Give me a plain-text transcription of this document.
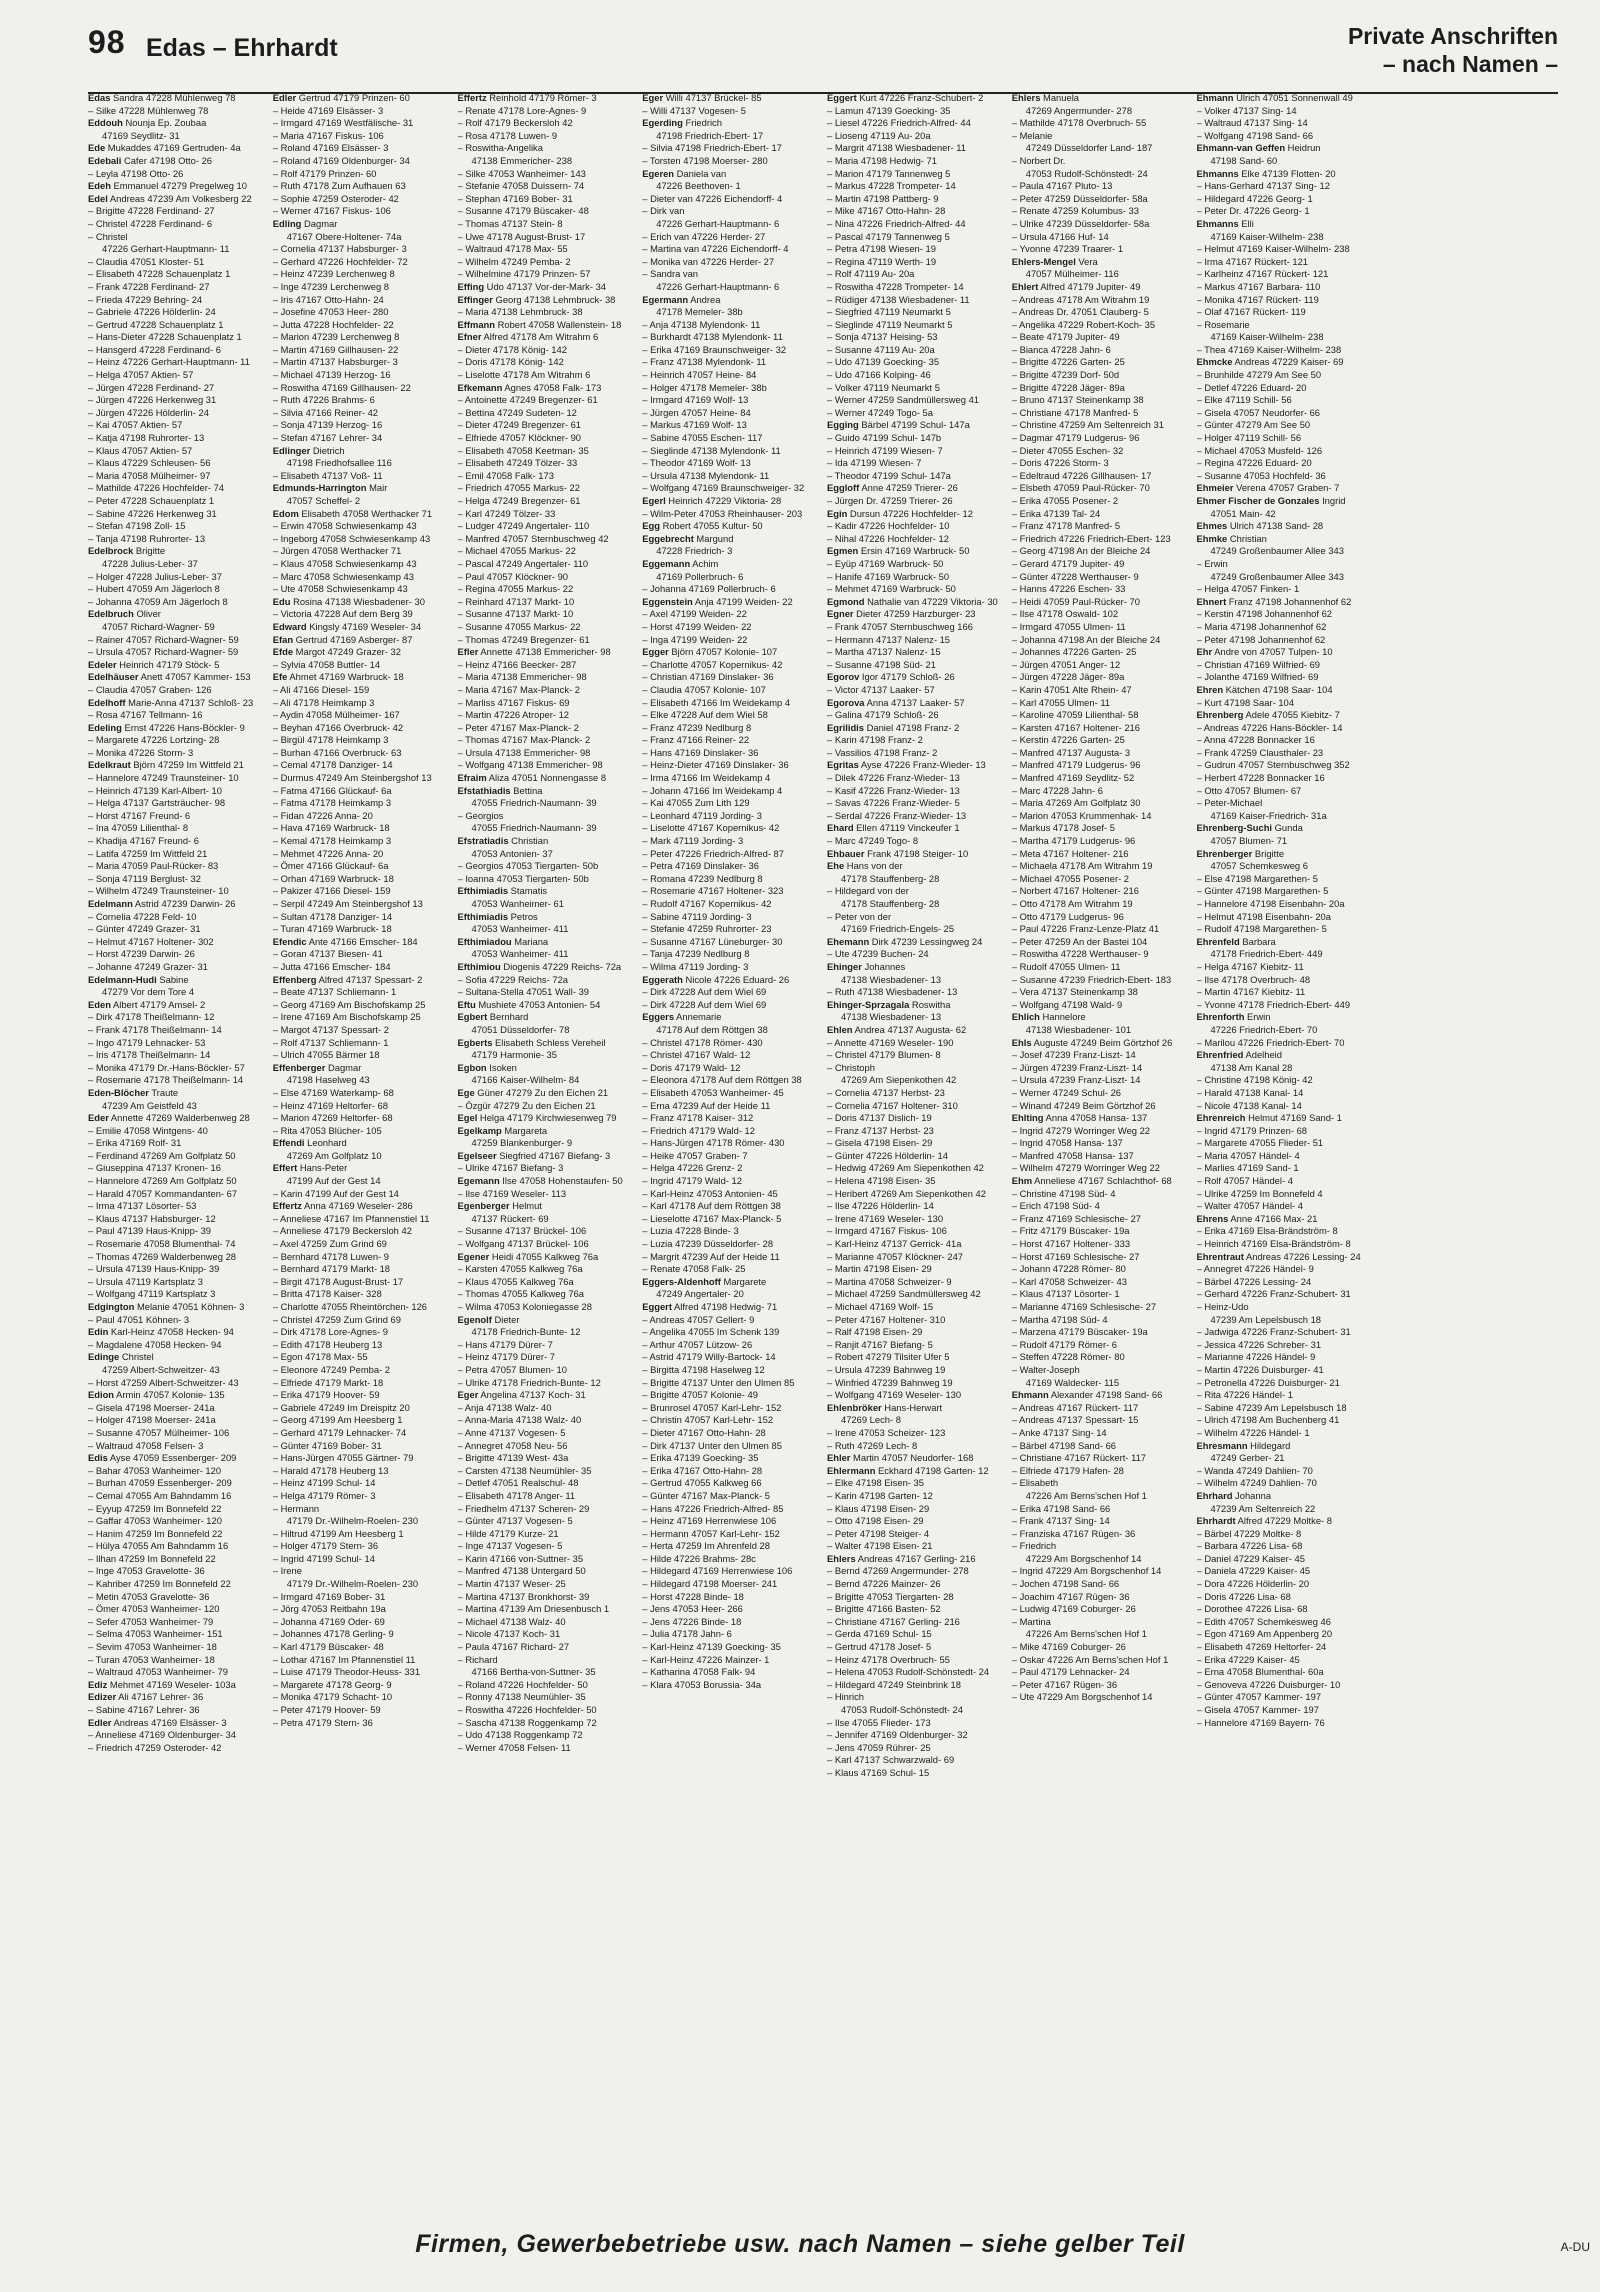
98 Edas – Ehrhardt	Private Anschriften
– nach Namen –
Edas Sandra 47228 Mühlenweg 78
– Silke 47228 Mühlenweg 78
Eddouh Nounja Ep. Zoubaa
47169 Seydlitz- 31
Ede Mukaddes 47169 Gertruden- 4a
Edebali Cafer 47198 Otto- 26
– Leyla 47198 Otto- 26
Edeh Emmanuel 47279 Pregelweg 10
Edel Andreas 47239 Am Volkesberg 22
– Brigitte 47228 Ferdinand- 27
– Christel 47228 Ferdinand- 6
– Christel
47226 Gerhart-Hauptmann- 11
– Claudia 47051 Kloster- 51
– Elisabeth 47228 Schauenplatz 1
– Frank 47228 Ferdinand- 27
– Frieda 47229 Behring- 24
– Gabriele 47226 Hölderlin- 24
– Gertrud 47228 Schauenplatz 1
– Hans-Dieter 47228 Schauenplatz 1
– Hansgerd 47228 Ferdinand- 6
– Heinz 47226 Gerhart-Hauptmann- 11
– Helga 47057 Aktien- 57
– Jürgen 47228 Ferdinand- 27
– Jürgen 47226 Herkenweg 31
– Jürgen 47226 Hölderlin- 24
– Kai 47057 Aktien- 57
– Katja 47198 Ruhrorter- 13
– Klaus 47057 Aktien- 57
– Klaus 47229 Schleusen- 56
– Maria 47058 Mülheimer- 97
– Mathilde 47226 Hochfelder- 74
– Peter 47228 Schauenplatz 1
– Sabine 47226 Herkenweg 31
– Stefan 47198 Zoll- 15
– Tanja 47198 Ruhrorter- 13
Edelbrock Brigitte
47228 Julius-Leber- 37
– Holger 47228 Julius-Leber- 37
– Hubert 47059 Am Jägerloch 8
– Johanna 47059 Am Jägerloch 8
Edelbruch Oliver
47057 Richard-Wagner- 59
– Rainer 47057 Richard-Wagner- 59
– Ursula 47057 Richard-Wagner- 59
Edeler Heinrich 47179 Stöck- 5
Edelhäuser Anett 47057 Kammer- 153
– Claudia 47057 Graben- 126
Edelhoff Marie-Anna 47137 Schloß- 23
– Rosa 47167 Tellmann- 16
Edeling Ernst 47226 Hans-Böckler- 9
– Margarete 47226 Lortzing- 28
– Monika 47226 Storm- 3
Edelkraut Björn 47259 Im Wittfeld 21
– Hannelore 47249 Traunsteiner- 10
– Heinrich 47139 Karl-Albert- 10
– Helga 47137 Gartsträucher- 98
– Horst 47167 Freund- 6
– Ina 47059 Lilienthal- 8
– Khadija 47167 Freund- 6
– Latifa 47259 Im Wittfeld 21
– Maria 47059 Paul-Rücker- 83
– Sonja 47119 Berglust- 32
– Wilhelm 47249 Traunsteiner- 10
Edelmann Astrid 47239 Darwin- 26
– Cornelia 47228 Feld- 10
– Günter 47249 Grazer- 31
– Helmut 47167 Holtener- 302
– Horst 47239 Darwin- 26
– Johanne 47249 Grazer- 31
Edelmann-Hudi Sabine
47279 Vor dem Tore 4
Eden Albert 47179 Amsel- 2
– Dirk 47178 Theißelmann- 12
– Frank 47178 Theißelmann- 14
– Ingo 47179 Lehnacker- 53
– Iris 47178 Theißelmann- 14
– Monika 47179 Dr.-Hans-Böckler- 57
– Rosemarie 47178 Theißelmann- 14
Eden-Blöcher Traute
47239 Am Geistfeld 43
Eder Annette 47269 Walderbenweg 28
– Emilie 47058 Wintgens- 40
– Erika 47169 Rolf- 31
– Ferdinand 47269 Am Golfplatz 50
– Giuseppina 47137 Kronen- 16
– Hannelore 47269 Am Golfplatz 50
– Harald 47057 Kommandanten- 67
– Irma 47137 Lösorter- 53
– Klaus 47137 Habsburger- 12
– Paul 47139 Haus-Knipp- 39
– Rosemarie 47058 Blumenthal- 74
– Thomas 47269 Walderbenweg 28
– Ursula 47139 Haus-Knipp- 39
– Ursula 47119 Kartsplatz 3
– Wolfgang 47119 Kartsplatz 3
Edgington Melanie 47051 Köhnen- 3
– Paul 47051 Köhnen- 3
Edin Karl-Heinz 47058 Hecken- 94
– Magdalene 47058 Hecken- 94
Edinge Christel
47259 Albert-Schweitzer- 43
– Horst 47259 Albert-Schweitzer- 43
Edion Armin 47057 Kolonie- 135
– Gisela 47198 Moerser- 241a
– Holger 47198 Moerser- 241a
– Susanne 47057 Mülheimer- 106
– Waltraud 47058 Felsen- 3
Edis Ayse 47059 Essenberger- 209
– Bahar 47053 Wanheimer- 120
– Burhan 47059 Essenberger- 209
– Cemal 47055 Am Bahndamm 16
– Eyyup 47259 Im Bonnefeld 22
– Gaffar 47053 Wanheimer- 120
– Hanim 47259 Im Bonnefeld 22
– Hülya 47055 Am Bahndamm 16
– Ilhan 47259 Im Bonnefeld 22
– Inge 47053 Gravelotte- 36
– Kahriber 47259 Im Bonnefeld 22
– Metin 47053 Gravelotte- 36
– Ömer 47053 Wanheimer- 120
– Sefer 47053 Wanheimer- 79
– Selma 47053 Wanheimer- 151
– Sevim 47053 Wanheimer- 18
– Turan 47053 Wanheimer- 18
– Waltraud 47053 Wanheimer- 79
Ediz Mehmet 47169 Weseler- 103a
Edizer Ali 47167 Lehrer- 36
– Sabine 47167 Lehrer- 36
Edler Andreas 47169 Elsässer- 3
– Anneliese 47169 Oldenburger- 34
– Friedrich 47259 Osteroder- 42
Edler Gertrud 47179 Prinzen- 60
– Heide 47169 Elsässer- 3
– Irmgard 47169 Westfälische- 31
– Maria 47167 Fiskus- 106
– Roland 47169 Elsässer- 3
– Roland 47169 Oldenburger- 34
– Rolf 47179 Prinzen- 60
– Ruth 47178 Zum Aufhauen 63
– Sophie 47259 Osteroder- 42
– Werner 47167 Fiskus- 106
Edling Dagmar
47167 Obere-Holtener- 74a
– Cornelia 47137 Habsburger- 3
– Gerhard 47226 Hochfelder- 72
– Heinz 47239 Lerchenweg 8
– Inge 47239 Lerchenweg 8
– Iris 47167 Otto-Hahn- 24
– Josefine 47053 Heer- 280
– Jutta 47228 Hochfelder- 22
– Marion 47239 Lerchenweg 8
– Martin 47169 Gillhausen- 22
– Martin 47137 Habsburger- 3
– Michael 47139 Herzog- 16
– Roswitha 47169 Gillhausen- 22
– Ruth 47226 Brahms- 6
– Silvia 47166 Reiner- 42
– Sonja 47139 Herzog- 16
– Stefan 47167 Lehrer- 34
Edlinger Dietrich
47198 Friedhofsallee 116
– Elisabeth 47137 Voß- 11
Edmunds-Harrington Mair
47057 Scheffel- 2
Edom Elisabeth 47058 Werthacker 71
– Erwin 47058 Schwiesenkamp 43
– Ingeborg 47058 Schwiesenkamp 43
– Jürgen 47058 Werthacker 71
– Klaus 47058 Schwiesenkamp 43
– Marc 47058 Schwiesenkamp 43
– Ute 47058 Schwiesenkamp 43
Edu Rosina 47138 Wiesbadener- 30
– Victoria 47228 Auf dem Berg 39
Edward Kingsly 47169 Weseler- 34
Efan Gertrud 47169 Asberger- 87
Efde Margot 47249 Grazer- 32
– Sylvia 47058 Buttler- 14
Efe Ahmet 47169 Warbruck- 18
– Ali 47166 Diesel- 159
– Ali 47178 Heimkamp 3
– Aydin 47058 Mülheimer- 167
– Beyhan 47166 Overbruck- 42
– Birgül 47178 Heimkamp 3
– Burhan 47166 Overbruck- 63
– Cemal 47178 Danziger- 14
– Durmus 47249 Am Steinbergshof 13
– Fatma 47166 Glückauf- 6a
– Fatma 47178 Heimkamp 3
– Fidan 47226 Anna- 20
– Hava 47169 Warbruck- 18
– Kemal 47178 Heimkamp 3
– Mehmet 47226 Anna- 20
– Ömer 47166 Glückauf- 6a
– Orhan 47169 Warbruck- 18
– Pakizer 47166 Diesel- 159
– Serpil 47249 Am Steinbergshof 13
– Sultan 47178 Danziger- 14
– Turan 47169 Warbruck- 18
Efendic Ante 47166 Emscher- 184
– Goran 47137 Biesen- 41
– Jutta 47166 Emscher- 184
Effenberg Alfred 47137 Spessart- 2
– Beate 47137 Schliemann- 1
– Georg 47169 Am Bischofskamp 25
– Irene 47169 Am Bischofskamp 25
– Margot 47137 Spessart- 2
– Rolf 47137 Schliemann- 1
– Ulrich 47055 Bärmer 18
Effenberger Dagmar
47198 Haselweg 43
– Else 47169 Waterkamp- 68
– Heinz 47169 Heltorfer- 68
– Marion 47269 Heltorfer- 68
– Rita 47053 Blücher- 105
Effendi Leonhard
47269 Am Golfplatz 10
Effert Hans-Peter
47199 Auf der Gest 14
– Karin 47199 Auf der Gest 14
Effertz Anna 47169 Weseler- 286
– Anneliese 47167 Im Pfannenstiel 11
– Anneliese 47179 Beckersloh 42
– Axel 47259 Zum Grind 69
– Bernhard 47178 Luwen- 9
– Bernhard 47179 Markt- 18
– Birgit 47178 August-Brust- 17
– Britta 47178 Kaiser- 328
– Charlotte 47055 Rheintörchen- 126
– Christel 47259 Zum Grind 69
– Dirk 47178 Lore-Agnes- 9
– Edith 47178 Heuberg 13
– Egon 47178 Max- 55
– Eleonore 47249 Pemba- 2
– Elfriede 47179 Markt- 18
– Erika 47179 Hoover- 59
– Gabriele 47249 Im Dreispitz 20
– Georg 47199 Am Heesberg 1
– Gerhard 47179 Lehnacker- 74
– Günter 47169 Bober- 31
– Hans-Jürgen 47055 Gärtner- 79
– Harald 47178 Heuberg 13
– Heinz 47199 Schul- 14
– Helga 47179 Römer- 3
– Hermann
47179 Dr.-Wilhelm-Roelen- 230
– Hiltrud 47199 Am Heesberg 1
– Holger 47179 Stern- 36
– Ingrid 47199 Schul- 14
– Irene
47179 Dr.-Wilhelm-Roelen- 230
– Irmgard 47169 Bober- 31
– Jörg 47053 Reitbahn 19a
– Johanna 47169 Oder- 69
– Johannes 47178 Gerling- 9
– Karl 47179 Büscaker- 48
– Lothar 47167 Im Pfannenstiel 11
– Luise 47179 Theodor-Heuss- 331
– Margarete 47178 Georg- 9
– Monika 47179 Schacht- 10
– Peter 47179 Hoover- 59
– Petra 47179 Stern- 36
Effertz Reinhold 47179 Römer- 3
– Renate 47178 Lore-Agnes- 9
– Rolf 47179 Beckersloh 42
– Rosa 47178 Luwen- 9
– Roswitha-Angelika
47138 Emmericher- 238
– Silke 47053 Wanheimer- 143
– Stefanie 47058 Duissern- 74
– Stephan 47169 Bober- 31
– Susanne 47179 Büscaker- 48
– Thomas 47137 Stein- 8
– Uwe 47178 August-Brust- 17
– Waltraud 47178 Max- 55
– Wilhelm 47249 Pemba- 2
– Wilhelmine 47179 Prinzen- 57
Effing Udo 47137 Vor-der-Mark- 34
Effinger Georg 47138 Lehmbruck- 38
– Maria 47138 Lehmbruck- 38
Effmann Robert 47058 Wallenstein- 18
Efner Alfred 47178 Am Witrahm 6
– Dieter 47178 König- 142
– Doris 47178 König- 142
– Liselotte 47178 Am Witrahm 6
Efkemann Agnes 47058 Falk- 173
– Antoinette 47249 Bregenzer- 61
– Bettina 47249 Sudeten- 12
– Dieter 47249 Bregenzer- 61
– Elfriede 47057 Klöckner- 90
– Elisabeth 47058 Keetman- 35
– Elisabeth 47249 Tölzer- 33
– Emil 47058 Falk- 173
– Friedrich 47055 Markus- 22
– Helga 47249 Bregenzer- 61
– Karl 47249 Tölzer- 33
– Ludger 47249 Angertaler- 110
– Manfred 47057 Sternbuschweg 42
– Michael 47055 Markus- 22
– Pascal 47249 Angertaler- 110
– Paul 47057 Klöckner- 90
– Regina 47055 Markus- 22
– Reinhard 47137 Markt- 10
– Susanne 47137 Markt- 10
– Susanne 47055 Markus- 22
– Thomas 47249 Bregenzer- 61
Efler Annette 47138 Emmericher- 98
– Heinz 47166 Beecker- 287
– Maria 47138 Emmericher- 98
– Maria 47167 Max-Planck- 2
– Marliss 47167 Fiskus- 69
– Martin 47226 Atroper- 12
– Peter 47167 Max-Planck- 2
– Thomas 47167 Max-Planck- 2
– Ursula 47138 Emmericher- 98
– Wolfgang 47138 Emmericher- 98
Efraim Aliza 47051 Nonnengasse 8
Efstathiadis Bettina
47055 Friedrich-Naumann- 39
– Georgios
47055 Friedrich-Naumann- 39
Efstratiadis Christian
47053 Antonien- 37
– Georgios 47053 Tiergarten- 50b
– Ioanna 47053 Tiergarten- 50b
Efthimiadis Stamatis
47053 Wanheimer- 61
Efthimiadis Petros
47053 Wanheimer- 411
Efthimiadou Mariana
47053 Wanheimer- 411
Efthimiou Diogenis 47229 Reichs- 72a
– Sofia 47229 Reichs- 72a
– Sultana-Stella 47051 Wall- 39
Eftu Mushiete 47053 Antonien- 54
Egbert Bernhard
47051 Düsseldorfer- 78
Egberts Elisabeth Schless Vereheil
47179 Harmonie- 35
Egbon Isoken
47166 Kaiser-Wilhelm- 84
Ege Güner 47279 Zu den Eichen 21
– Özgür 47279 Zu den Eichen 21
Egel Helga 47179 Kirchwiesenweg 79
Egelkamp Margareta
47259 Blankenburger- 9
Egelseer Siegfried 47167 Biefang- 3
– Ulrike 47167 Biefang- 3
Egemann Ilse 47058 Hohenstaufen- 50
– Ilse 47169 Weseler- 113
Egenberger Helmut
47137 Rückert- 69
– Susanne 47137 Brückel- 106
– Wolfgang 47137 Brückel- 106
Egener Heidi 47055 Kalkweg 76a
– Karsten 47055 Kalkweg 76a
– Klaus 47055 Kalkweg 76a
– Thomas 47055 Kalkweg 76a
– Wilma 47053 Koloniegasse 28
Egenolf Dieter
47178 Friedrich-Bunte- 12
– Hans 47179 Dürer- 7
– Heinz 47179 Dürer- 7
– Petra 47057 Blumen- 10
– Ulrike 47178 Friedrich-Bunte- 12
Eger Angelina 47137 Koch- 31
– Anja 47138 Walz- 40
– Anna-Maria 47138 Walz- 40
– Anne 47137 Vogesen- 5
– Annegret 47058 Neu- 56
– Brigitte 47139 West- 43a
– Carsten 47138 Neumühler- 35
– Detlef 47051 Realschul- 48
– Elisabeth 47178 Anger- 11
– Friedhelm 47137 Scheren- 29
– Günter 47137 Vogesen- 5
– Hilde 47179 Kurze- 21
– Inge 47137 Vogesen- 5
– Karin 47166 von-Suttner- 35
– Manfred 47138 Untergard 50
– Martin 47137 Weser- 25
– Martina 47137 Bronkhorst- 39
– Martina 47139 Am Driesenbusch 1
– Michael 47138 Walz- 40
– Nicole 47137 Koch- 31
– Paula 47167 Richard- 27
– Richard
47166 Bertha-von-Suttner- 35
– Roland 47226 Hochfelder- 50
– Ronny 47138 Neumühler- 35
– Roswitha 47226 Hochfelder- 50
– Sascha 47138 Roggenkamp 72
– Udo 47138 Roggenkamp 72
– Werner 47058 Felsen- 11
Eger Willi 47137 Brückel- 85
– Willi 47137 Vogesen- 5
Egerding Friedrich
47198 Friedrich-Ebert- 17
– Silvia 47198 Friedrich-Ebert- 17
– Torsten 47198 Moerser- 280
Egeren Daniela van
47226 Beethoven- 1
– Dieter van 47226 Eichendorff- 4
– Dirk van
47226 Gerhart-Hauptmann- 6
– Erich van 47226 Herder- 27
– Martina van 47226 Eichendorff- 4
– Monika van 47226 Herder- 27
– Sandra van
47226 Gerhart-Hauptmann- 6
Egermann Andrea
47178 Memeler- 38b
– Anja 47138 Mylendonk- 11
– Burkhardt 47138 Mylendonk- 11
– Erika 47169 Braunschweiger- 32
– Franz 47138 Mylendonk- 11
– Heinrich 47057 Heine- 84
– Holger 47178 Memeler- 38b
– Irmgard 47169 Wolf- 13
– Jürgen 47057 Heine- 84
– Markus 47169 Wolf- 13
– Sabine 47055 Eschen- 117
– Sieglinde 47138 Mylendonk- 11
– Theodor 47169 Wolf- 13
– Ursula 47138 Mylendonk- 11
– Wolfgang 47169 Braunschweiger- 32
Egerl Heinrich 47229 Viktoria- 28
– Wilm-Peter 47053 Rheinhauser- 203
Egg Robert 47055 Kultur- 50
Eggebrecht Margund
47228 Friedrich- 3
Eggemann Achim
47169 Pollerbruch- 6
– Johanna 47169 Pollerbruch- 6
Eggenstein Anja 47199 Weiden- 22
– Axel 47199 Weiden- 22
– Horst 47199 Weiden- 22
– Inga 47199 Weiden- 22
Egger Björn 47057 Kolonie- 107
– Charlotte 47057 Kopernikus- 42
– Christian 47169 Dinslaker- 36
– Claudia 47057 Kolonie- 107
– Elisabeth 47166 Im Weidekamp 4
– Elke 47228 Auf dem Wiel 58
– Franz 47239 Nedlburg 8
– Franz 47166 Reiner- 22
– Hans 47169 Dinslaker- 36
– Heinz-Dieter 47169 Dinslaker- 36
– Irma 47166 Im Weidekamp 4
– Johann 47166 Im Weidekamp 4
– Kai 47055 Zum Lith 129
– Leonhard 47119 Jording- 3
– Liselotte 47167 Kopernikus- 42
– Mark 47119 Jording- 3
– Peter 47226 Friedrich-Alfred- 87
– Petra 47169 Dinslaker- 36
– Romana 47239 Nedlburg 8
– Rosemarie 47167 Holtener- 323
– Rudolf 47167 Kopernikus- 42
– Sabine 47119 Jording- 3
– Stefanie 47259 Ruhrorter- 23
– Susanne 47167 Lüneburger- 30
– Tanja 47239 Nedlburg 8
– Wilma 47119 Jording- 3
Eggerath Nicole 47226 Eduard- 26
– Dirk 47228 Auf dem Wiel 69
– Dirk 47228 Auf dem Wiel 69
Eggers Annemarie
47178 Auf dem Röttgen 38
– Christel 47178 Römer- 430
– Christel 47167 Wald- 12
– Doris 47179 Wald- 12
– Eleonora 47178 Auf dem Röttgen 38
– Elisabeth 47053 Wanheimer- 45
– Erna 47239 Auf der Heide 11
– Franz 47178 Kaiser- 312
– Friedrich 47179 Wald- 12
– Hans-Jürgen 47178 Römer- 430
– Heike 47057 Graben- 7
– Helga 47226 Grenz- 2
– Ingrid 47179 Wald- 12
– Karl-Heinz 47053 Antonien- 45
– Karl 47178 Auf dem Röttgen 38
– Lieselotte 47167 Max-Planck- 5
– Luzia 47228 Binde- 3
– Luzia 47239 Düsseldorfer- 28
– Margrit 47239 Auf der Heide 11
– Renate 47058 Falk- 25
Eggers-Aldenhoff Margarete
47249 Angertaler- 20
Eggert Alfred 47198 Hedwig- 71
– Andreas 47057 Gellert- 9
– Angelika 47055 Im Schenk 139
– Arthur 47057 Lützow- 26
– Astrid 47179 Willy-Bartock- 14
– Birgitta 47198 Haselweg 12
– Brigitte 47137 Unter den Ulmen 85
– Brigitte 47057 Kolonie- 49
– Brunrosel 47057 Karl-Lehr- 152
– Christin 47057 Karl-Lehr- 152
– Dieter 47167 Otto-Hahn- 28
– Dirk 47137 Unter den Ulmen 85
– Erika 47139 Goecking- 35
– Erika 47167 Otto-Hahn- 28
– Gertrud 47055 Kalkweg 66
– Günter 47167 Max-Planck- 5
– Hans 47226 Friedrich-Alfred- 85
– Heinz 47169 Herrenwiese 106
– Hermann 47057 Karl-Lehr- 152
– Herta 47259 Im Ahrenfeld 28
– Hilde 47226 Brahms- 28c
– Hildegard 47169 Herrenwiese 106
– Hildegard 47198 Moerser- 241
– Horst 47228 Binde- 18
– Jens 47053 Heer- 266
– Jens 47226 Binde- 18
– Julia 47178 Jahn- 6
– Karl-Heinz 47139 Goecking- 35
– Karl-Heinz 47226 Mainzer- 1
– Katharina 47058 Falk- 94
– Klara 47053 Borussia- 34a
Eggert Kurt 47226 Franz-Schubert- 2
– Lamun 47139 Goecking- 35
– Liesel 47226 Friedrich-Alfred- 44
– Lioseng 47119 Au- 20a
– Margrit 47138 Wiesbadener- 11
– Maria 47198 Hedwig- 71
– Marion 47179 Tannenweg 5
– Markus 47228 Trompeter- 14
– Martin 47198 Pattberg- 9
– Mike 47167 Otto-Hahn- 28
– Nina 47226 Friedrich-Alfred- 44
– Pascal 47179 Tannenweg 5
– Petra 47198 Wiesen- 19
– Regina 47119 Werth- 19
– Rolf 47119 Au- 20a
– Roswitha 47228 Trompeter- 14
– Rüdiger 47138 Wiesbadener- 11
– Siegfried 47119 Neumarkt 5
– Sieglinde 47119 Neumarkt 5
– Sonja 47137 Heising- 53
– Susanne 47119 Au- 20a
– Udo 47139 Goecking- 35
– Udo 47166 Kolping- 46
– Volker 47119 Neumarkt 5
– Werner 47259 Sandmüllersweg 41
– Werner 47249 Togo- 5a
Egging Bärbel 47199 Schul- 147a
– Guido 47199 Schul- 147b
– Heinrich 47199 Wiesen- 7
– Ida 47199 Wiesen- 7
– Theodor 47199 Schul- 147a
Eggloff Anne 47259 Trierer- 26
– Jürgen Dr. 47259 Trierer- 26
Egin Dursun 47226 Hochfelder- 12
– Kadir 47226 Hochfelder- 10
– Nihal 47226 Hochfelder- 12
Egmen Ersin 47169 Warbruck- 50
– Eyüp 47169 Warbruck- 50
– Hanife 47169 Warbruck- 50
– Mehmet 47169 Warbruck- 50
Egmond Nathalie van 47229 Viktoria- 30
Egner Dieter 47259 Harzburger- 23
– Frank 47057 Sternbuschweg 166
– Hermann 47137 Nalenz- 15
– Martha 47137 Nalenz- 15
– Susanne 47198 Süd- 21
Egorov Igor 47179 Schloß- 26
– Victor 47137 Laaker- 57
Egorova Anna 47137 Laaker- 57
– Galina 47179 Schloß- 26
Egrilidis Daniel 47198 Franz- 2
– Karin 47198 Franz- 2
– Vassilios 47198 Franz- 2
Egritas Ayse 47226 Franz-Wieder- 13
– Dilek 47226 Franz-Wieder- 13
– Kasif 47226 Franz-Wieder- 13
– Savas 47226 Franz-Wieder- 5
– Serdal 47226 Franz-Wieder- 13
Ehard Ellen 47119 Vinckeufer 1
– Marc 47249 Togo- 8
Ehbauer Frank 47198 Steiger- 10
Ehe Hans von der
47178 Stauffenberg- 28
– Hildegard von der
47178 Stauffenberg- 28
– Peter von der
47169 Friedrich-Engels- 25
Ehemann Dirk 47239 Lessingweg 24
– Ute 47239 Buchen- 24
Ehinger Johannes
47138 Wiesbadener- 13
– Ruth 47138 Wiesbadener- 13
Ehinger-Sprzagala Roswitha
47138 Wiesbadener- 13
Ehlen Andrea 47137 Augusta- 62
– Annette 47169 Weseler- 190
– Christel 47179 Blumen- 8
– Christoph
47269 Am Siepenkothen 42
– Cornelia 47137 Herbst- 23
– Cornelia 47167 Holtener- 310
– Doris 47137 Dislich- 19
– Franz 47137 Herbst- 23
– Gisela 47198 Eisen- 29
– Günter 47226 Hölderlin- 14
– Hedwig 47269 Am Siepenkothen 42
– Helena 47198 Eisen- 35
– Heribert 47269 Am Siepenkothen 42
– Ilse 47226 Hölderlin- 14
– Irene 47169 Weseler- 130
– Irmgard 47167 Fiskus- 106
– Karl-Heinz 47137 Gerrick- 41a
– Marianne 47057 Klöckner- 247
– Martin 47198 Eisen- 29
– Martina 47058 Schweizer- 9
– Michael 47259 Sandmüllersweg 42
– Michael 47169 Wolf- 15
– Peter 47167 Holtener- 310
– Ralf 47198 Eisen- 29
– Ranjit 47167 Biefang- 5
– Robert 47279 Tilsiter Ufer 5
– Ursula 47239 Bahnweg 19
– Winfried 47239 Bahnweg 19
– Wolfgang 47169 Weseler- 130
Ehlenbröker Hans-Herwart
47269 Lech- 8
– Irene 47053 Scheizer- 123
– Ruth 47269 Lech- 8
Ehler Martin 47057 Neudorfer- 168
Ehlermann Eckhard 47198 Garten- 12
– Elke 47198 Eisen- 35
– Karin 47198 Garten- 12
– Klaus 47198 Eisen- 29
– Otto 47198 Eisen- 29
– Peter 47198 Steiger- 4
– Walter 47198 Eisen- 21
Ehlers Andreas 47167 Gerling- 216
– Bernd 47269 Angermunder- 278
– Bernd 47226 Mainzer- 26
– Brigitte 47053 Tiergarten- 28
– Brigitte 47166 Basten- 52
– Christiane 47167 Gerling- 216
– Gerda 47169 Schul- 15
– Gertrud 47178 Josef- 5
– Heinz 47178 Overbruch- 55
– Helena 47053 Rudolf-Schönstedt- 24
– Hildegard 47249 Steinbrink 18
– Hinrich
47053 Rudolf-Schönstedt- 24
– Ilse 47055 Flieder- 173
– Jennifer 47169 Oldenburger- 32
– Jens 47059 Rührer- 25
– Karl 47137 Schwarzwald- 69
– Klaus 47169 Schul- 15
Ehlers Manuela
47269 Angermunder- 278
– Mathilde 47178 Overbruch- 55
– Melanie
47249 Düsseldorfer Land- 187
– Norbert Dr.
47053 Rudolf-Schönstedt- 24
– Paula 47167 Pluto- 13
– Peter 47259 Düsseldorfer- 58a
– Renate 47259 Kolumbus- 33
– Ulrike 47239 Düsseldorfer- 58a
– Ursula 47166 Huf- 14
– Yvonne 47239 Traarer- 1
Ehlers-Mengel Vera
47057 Mülheimer- 116
Ehlert Alfred 47179 Jupiter- 49
– Andreas 47178 Am Witrahm 19
– Andreas Dr. 47051 Clauberg- 5
– Angelika 47229 Robert-Koch- 35
– Beate 47179 Jupiter- 49
– Bianca 47228 Jahn- 6
– Brigitte 47226 Garten- 25
– Brigitte 47239 Dorf- 50d
– Brigitte 47228 Jäger- 89a
– Bruno 47137 Steinenkamp 38
– Christiane 47178 Manfred- 5
– Christine 47259 Am Seltenreich 31
– Dagmar 47179 Ludgerus- 96
– Dieter 47055 Eschen- 32
– Doris 47226 Storm- 3
– Edeltraud 47226 Gillhausen- 17
– Elsbeth 47059 Paul-Rücker- 70
– Erika 47055 Posener- 2
– Erika 47139 Tal- 24
– Franz 47178 Manfred- 5
– Friedrich 47226 Friedrich-Ebert- 123
– Georg 47198 An der Bleiche 24
– Gerard 47179 Jupiter- 49
– Günter 47228 Werthauser- 9
– Hanns 47226 Eschen- 33
– Heidi 47059 Paul-Rücker- 70
– Ilse 47178 Oswald- 102
– Irmgard 47055 Ulmen- 11
– Johanna 47198 An der Bleiche 24
– Johannes 47226 Garten- 25
– Jürgen 47051 Anger- 12
– Jürgen 47228 Jäger- 89a
– Karin 47051 Alte Rhein- 47
– Karl 47055 Ulmen- 11
– Karoline 47059 Lilienthal- 58
– Karsten 47167 Holtener- 216
– Kerstin 47226 Garten- 25
– Manfred 47137 Augusta- 3
– Manfred 47179 Ludgerus- 96
– Manfred 47169 Seydlitz- 52
– Marc 47228 Jahn- 6
– Maria 47269 Am Golfplatz 30
– Marion 47053 Krummenhak- 14
– Markus 47178 Josef- 5
– Martha 47179 Ludgerus- 96
– Meta 47167 Holtener- 216
– Michaela 47178 Am Witrahm 19
– Michael 47055 Posener- 2
– Norbert 47167 Holtener- 216
– Otto 47178 Am Witrahm 19
– Otto 47179 Ludgerus- 96
– Paul 47226 Franz-Lenze-Platz 41
– Peter 47259 An der Bastei 104
– Roswitha 47228 Werthauser- 9
– Rudolf 47055 Ulmen- 11
– Susanne 47239 Friedrich-Ebert- 183
– Vera 47137 Steinenkamp 38
– Wolfgang 47198 Wald- 9
Ehlich Hannelore
47138 Wiesbadener- 101
Ehls Auguste 47249 Beim Görtzhof 26
– Josef 47239 Franz-Liszt- 14
– Jürgen 47239 Franz-Liszt- 14
– Ursula 47239 Franz-Liszt- 14
– Werner 47249 Schul- 26
– Winand 47249 Beim Görtzhof 26
Ehlting Anna 47058 Hansa- 137
– Ingrid 47279 Worringer Weg 22
– Ingrid 47058 Hansa- 137
– Manfred 47058 Hansa- 137
– Wilhelm 47279 Worringer Weg 22
Ehm Anneliese 47167 Schlachthof- 68
– Christine 47198 Süd- 4
– Erich 47198 Süd- 4
– Franz 47169 Schlesische- 27
– Fritz 47179 Büscaker- 19a
– Horst 47167 Holtener- 333
– Horst 47169 Schlesische- 27
– Johann 47228 Römer- 80
– Karl 47058 Schweizer- 43
– Klaus 47137 Lösorter- 1
– Marianne 47169 Schlesische- 27
– Martha 47198 Süd- 4
– Marzena 47179 Büscaker- 19a
– Rudolf 47179 Römer- 6
– Steffen 47228 Römer- 80
– Walter-Joseph
47169 Waldecker- 115
Ehmann Alexander 47198 Sand- 66
– Andreas 47167 Rückert- 117
– Andreas 47137 Spessart- 15
– Anke 47137 Sing- 14
– Bärbel 47198 Sand- 66
– Christiane 47167 Rückert- 117
– Elfriede 47179 Hafen- 28
– Elisabeth
47226 Am Berns'schen Hof 1
– Erika 47198 Sand- 66
– Frank 47137 Sing- 14
– Franziska 47167 Rügen- 36
– Friedrich
47229 Am Borgschenhof 14
– Ingrid 47229 Am Borgschenhof 14
– Jochen 47198 Sand- 66
– Joachim 47167 Rügen- 36
– Ludwig 47169 Coburger- 26
– Martina
47226 Am Berns'schen Hof 1
– Mike 47169 Coburger- 26
– Oskar 47226 Am Berns'schen Hof 1
– Paul 47179 Lehnacker- 24
– Peter 47167 Rügen- 36
– Ute 47229 Am Borgschenhof 14
Ehmann Ulrich 47051 Sonnenwall 49
– Volker 47137 Sing- 14
– Waltraud 47137 Sing- 14
– Wolfgang 47198 Sand- 66
Ehmann-van Geffen Heidrun
47198 Sand- 60
Ehmanns Elke 47139 Flotten- 20
– Hans-Gerhard 47137 Sing- 12
– Hildegard 47226 Georg- 1
– Peter Dr. 47226 Georg- 1
Ehmanns Elli
47169 Kaiser-Wilhelm- 238
– Helmut 47169 Kaiser-Wilhelm- 238
– Irma 47167 Rückert- 121
– Karlheinz 47167 Rückert- 121
– Markus 47167 Barbara- 110
– Monika 47167 Rückert- 119
– Olaf 47167 Rückert- 119
– Rosemarie
47169 Kaiser-Wilhelm- 238
– Thea 47169 Kaiser-Wilhelm- 238
Ehmcke Andreas 47229 Kaiser- 69
– Brunhilde 47279 Am See 50
– Detlef 47226 Eduard- 20
– Elke 47119 Schill- 56
– Gisela 47057 Neudorfer- 66
– Günter 47279 Am See 50
– Holger 47119 Schill- 56
– Michael 47053 Musfeld- 126
– Regina 47226 Eduard- 20
– Susanne 47053 Hochfeld- 36
Ehmeier Verena 47057 Graben- 7
Ehmer Fischer de Gonzales Ingrid
47051 Main- 42
Ehmes Ulrich 47138 Sand- 28
Ehmke Christian
47249 Großenbaumer Allee 343
– Erwin
47249 Großenbaumer Allee 343
– Helga 47057 Finken- 1
Ehnert Franz 47198 Johannenhof 62
– Kerstin 47198 Johannenhof 62
– Maria 47198 Johannenhof 62
– Peter 47198 Johannenhof 62
Ehr Andre von 47057 Tulpen- 10
– Christian 47169 Wilfried- 69
– Jolanthe 47169 Wilfried- 69
Ehren Kätchen 47198 Saar- 104
– Kurt 47198 Saar- 104
Ehrenberg Adele 47055 Kiebitz- 7
– Andreas 47226 Hans-Böckler- 14
– Anna 47228 Bonnacker 16
– Frank 47259 Clausthaler- 23
– Gudrun 47057 Sternbuschweg 352
– Herbert 47228 Bonnacker 16
– Otto 47057 Blumen- 67
– Peter-Michael
47169 Kaiser-Friedrich- 31a
Ehrenberg-Suchi Gunda
47057 Blumen- 71
Ehrenberger Brigitte
47057 Schemkesweg 6
– Else 47198 Margarethen- 5
– Günter 47198 Margarethen- 5
– Hannelore 47198 Eisenbahn- 20a
– Helmut 47198 Eisenbahn- 20a
– Rudolf 47198 Margarethen- 5
Ehrenfeld Barbara
47178 Friedrich-Ebert- 449
– Helga 47167 Kiebitz- 11
– Ilse 47178 Overbruch- 48
– Martin 47167 Kiebitz- 11
– Yvonne 47178 Friedrich-Ebert- 449
Ehrenforth Erwin
47226 Friedrich-Ebert- 70
– Marilou 47226 Friedrich-Ebert- 70
Ehrenfried Adelheid
47138 Am Kanal 28
– Christine 47198 König- 42
– Harald 47138 Kanal- 14
– Nicole 47138 Kanal- 14
Ehrenreich Helmut 47169 Sand- 1
– Ingrid 47179 Prinzen- 68
– Margarete 47055 Flieder- 51
– Maria 47057 Händel- 4
– Marlies 47169 Sand- 1
– Rolf 47057 Händel- 4
– Ulrike 47259 Im Bonnefeld 4
– Walter 47057 Händel- 4
Ehrens Anne 47166 Max- 21
– Erika 47169 Elsa-Brändström- 8
– Heinrich 47169 Elsa-Brändström- 8
Ehrentraut Andreas 47226 Lessing- 24
– Annegret 47226 Händel- 9
– Bärbel 47226 Lessing- 24
– Gerhard 47226 Franz-Schubert- 31
– Heinz-Udo
47239 Am Lepelsbusch 18
– Jadwiga 47226 Franz-Schubert- 31
– Jessica 47226 Schreber- 31
– Marianne 47226 Händel- 9
– Martin 47226 Duisburger- 41
– Petronella 47226 Duisburger- 21
– Rita 47226 Händel- 1
– Sabine 47239 Am Lepelsbusch 18
– Ulrich 47198 Am Buchenberg 41
– Wilhelm 47226 Händel- 1
Ehresmann Hildegard
47249 Gerber- 21
– Wanda 47249 Dahlien- 70
– Wilhelm 47249 Dahlien- 70
Ehrhard Johanna
47239 Am Seltenreich 22
Ehrhardt Alfred 47229 Moltke- 8
– Bärbel 47229 Moltke- 8
– Barbara 47226 Lisa- 68
– Daniel 47229 Kaiser- 45
– Daniela 47229 Kaiser- 45
– Dora 47226 Hölderlin- 20
– Doris 47226 Lisa- 68
– Dorothee 47226 Lisa- 68
– Edith 47057 Schemkesweg 46
– Egon 47169 Am Appenberg 20
– Elisabeth 47269 Heltorfer- 24
– Erika 47229 Kaiser- 45
– Erna 47058 Blumenthal- 60a
– Genoveva 47226 Duisburger- 10
– Günter 47057 Kammer- 197
– Gisela 47057 Kammer- 197
– Hannelore 47169 Bayern- 76
Firmen, Gewerbebetriebe usw. nach Namen – siehe gelber Teil	A-DU
